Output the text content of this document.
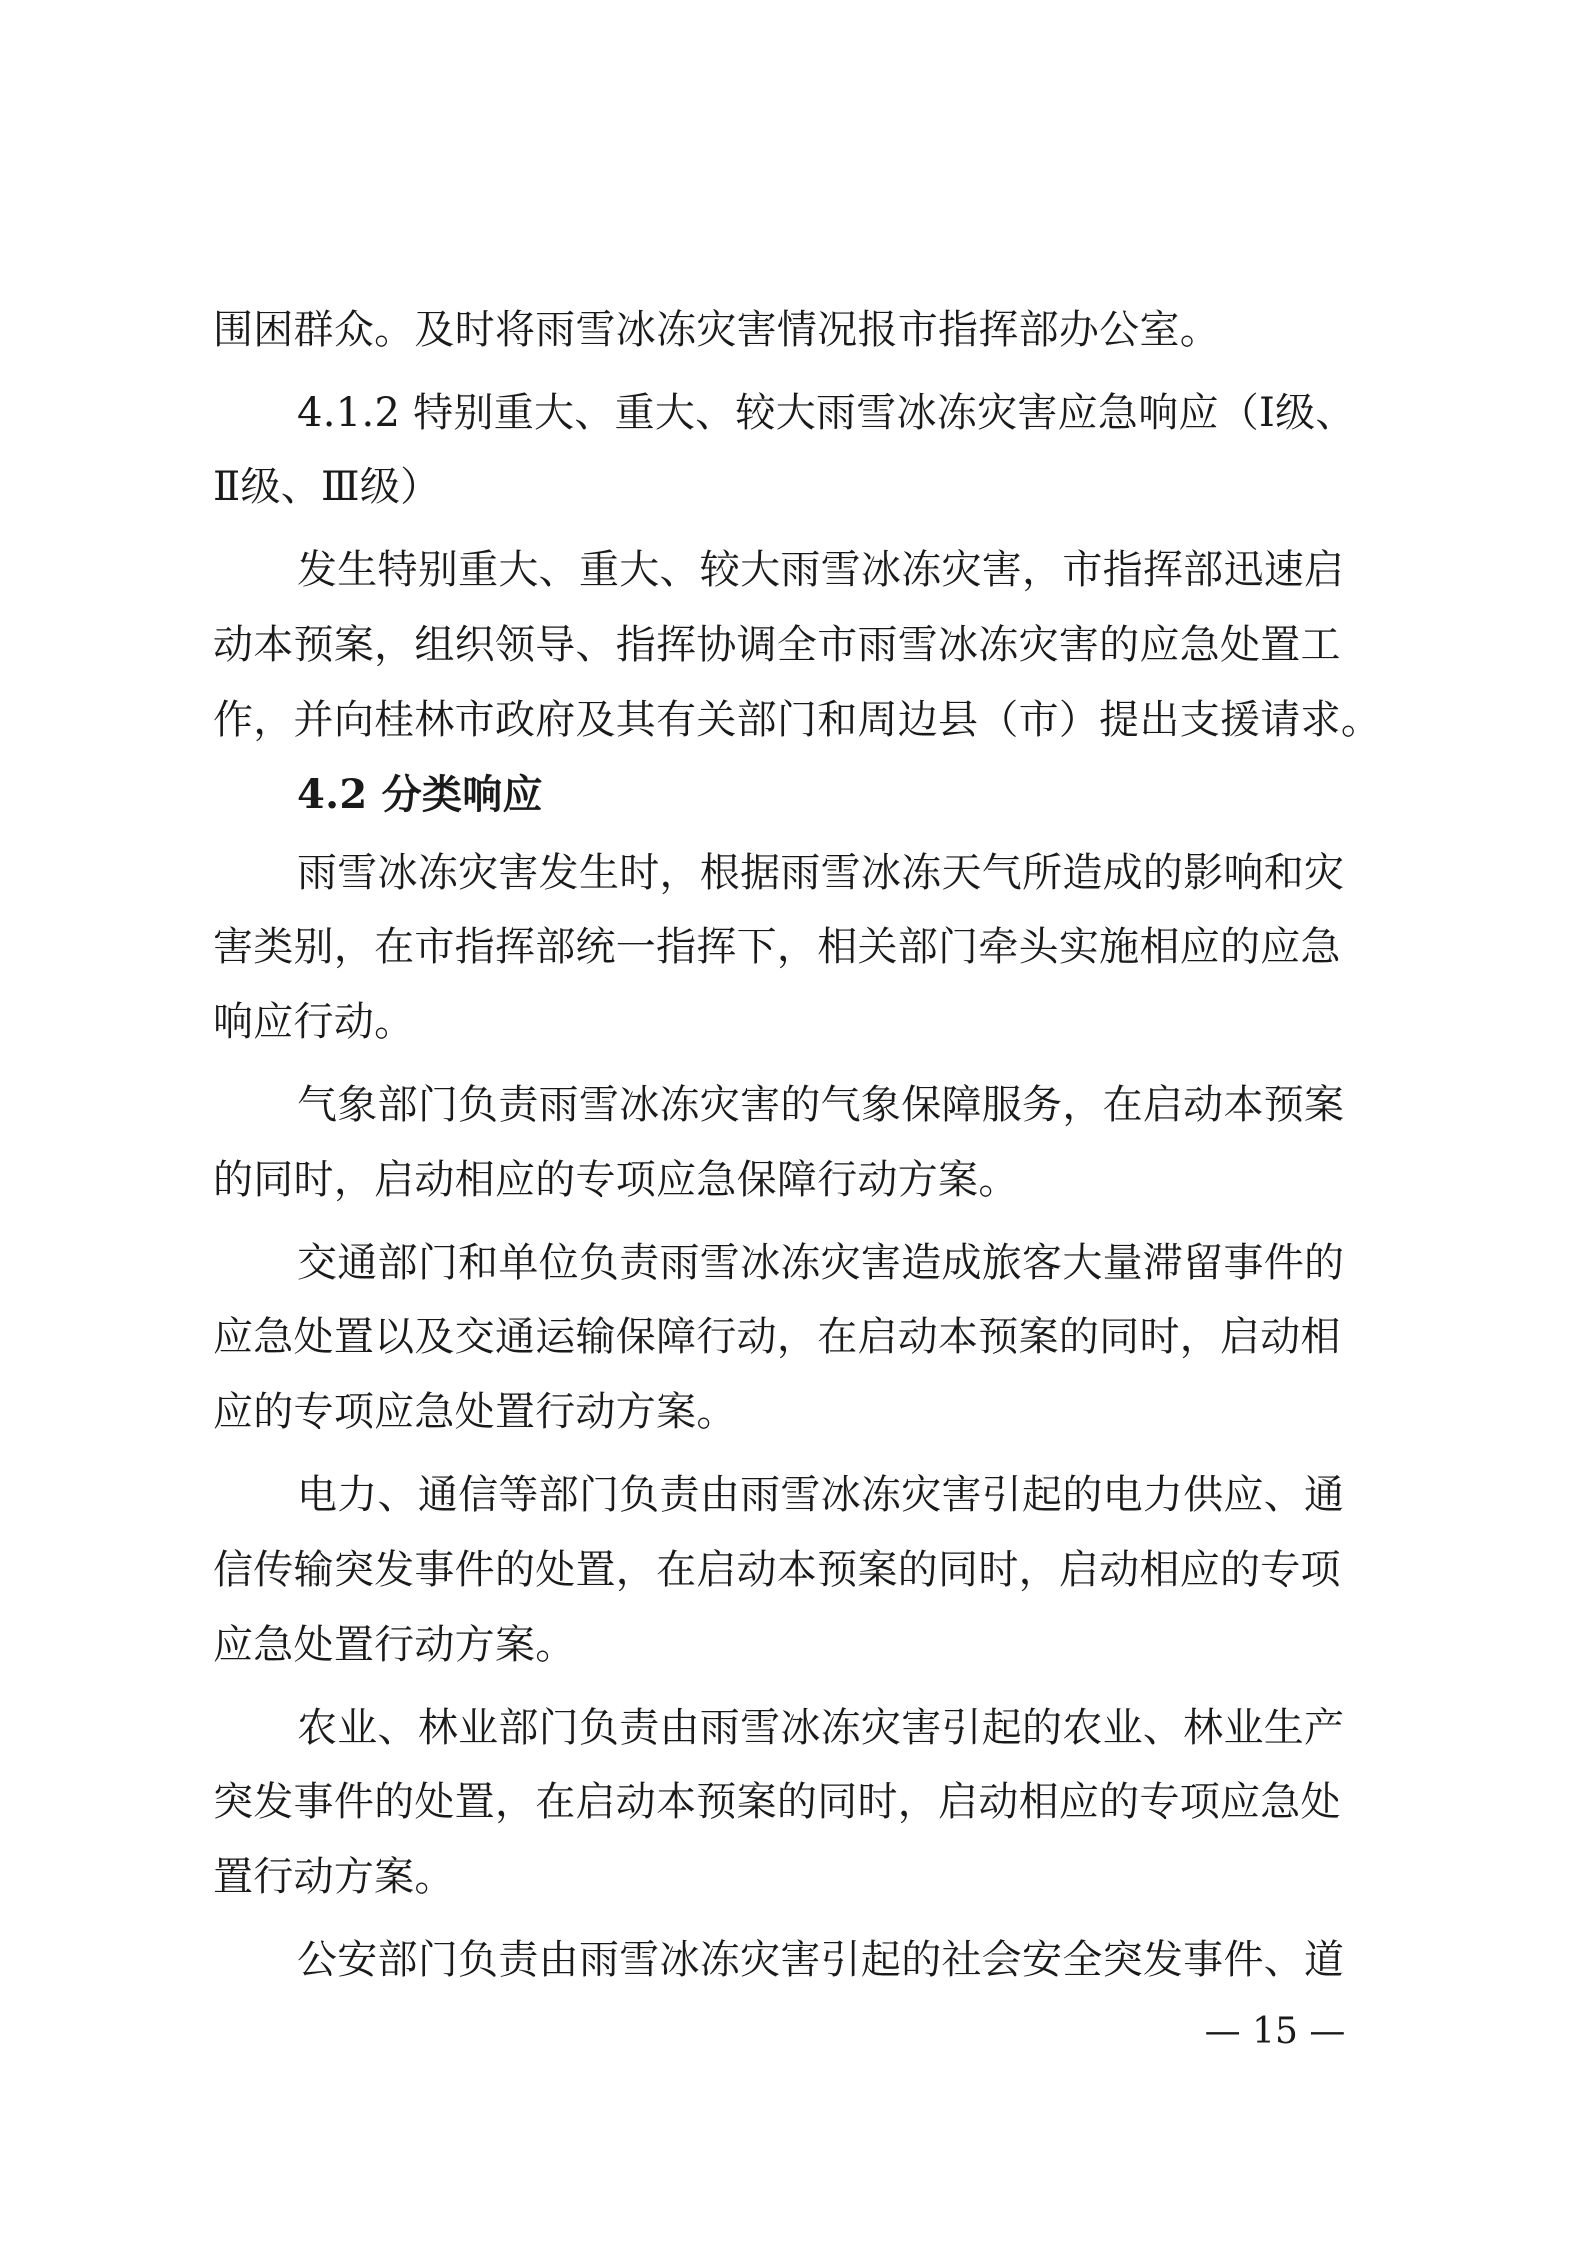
围困群众。及时将雨雪冰冻灾害情况报市指挥部办公室。
4.1.2 特别重大、重大、较大雨雪冰冻灾害应急响应（Ⅰ级、
Ⅱ级、Ⅲ级）
发生特别重大、重大、较大雨雪冰冻灾害，市指挥部迅速启
动本预案，组织领导、指挥协调全市雨雪冰冻灾害的应急处置工
作，并向桂林市政府及其有关部门和周边县（市）提出支援请求。
4.2 分类响应
雨雪冰冻灾害发生时，根据雨雪冰冻天气所造成的影响和灾
害类别，在市指挥部统一指挥下，相关部门牵头实施相应的应急
响应行动。
气象部门负责雨雪冰冻灾害的气象保障服务，在启动本预案
的同时，启动相应的专项应急保障行动方案。
交通部门和单位负责雨雪冰冻灾害造成旅客大量滞留事件的
应急处置以及交通运输保障行动，在启动本预案的同时，启动相
应的专项应急处置行动方案。
电力、通信等部门负责由雨雪冰冻灾害引起的电力供应、通
信传输突发事件的处置，在启动本预案的同时，启动相应的专项
应急处置行动方案。
农业、林业部门负责由雨雪冰冻灾害引起的农业、林业生产
突发事件的处置，在启动本预案的同时，启动相应的专项应急处
置行动方案。
公安部门负责由雨雪冰冻灾害引起的社会安全突发事件、道
— 15 —
